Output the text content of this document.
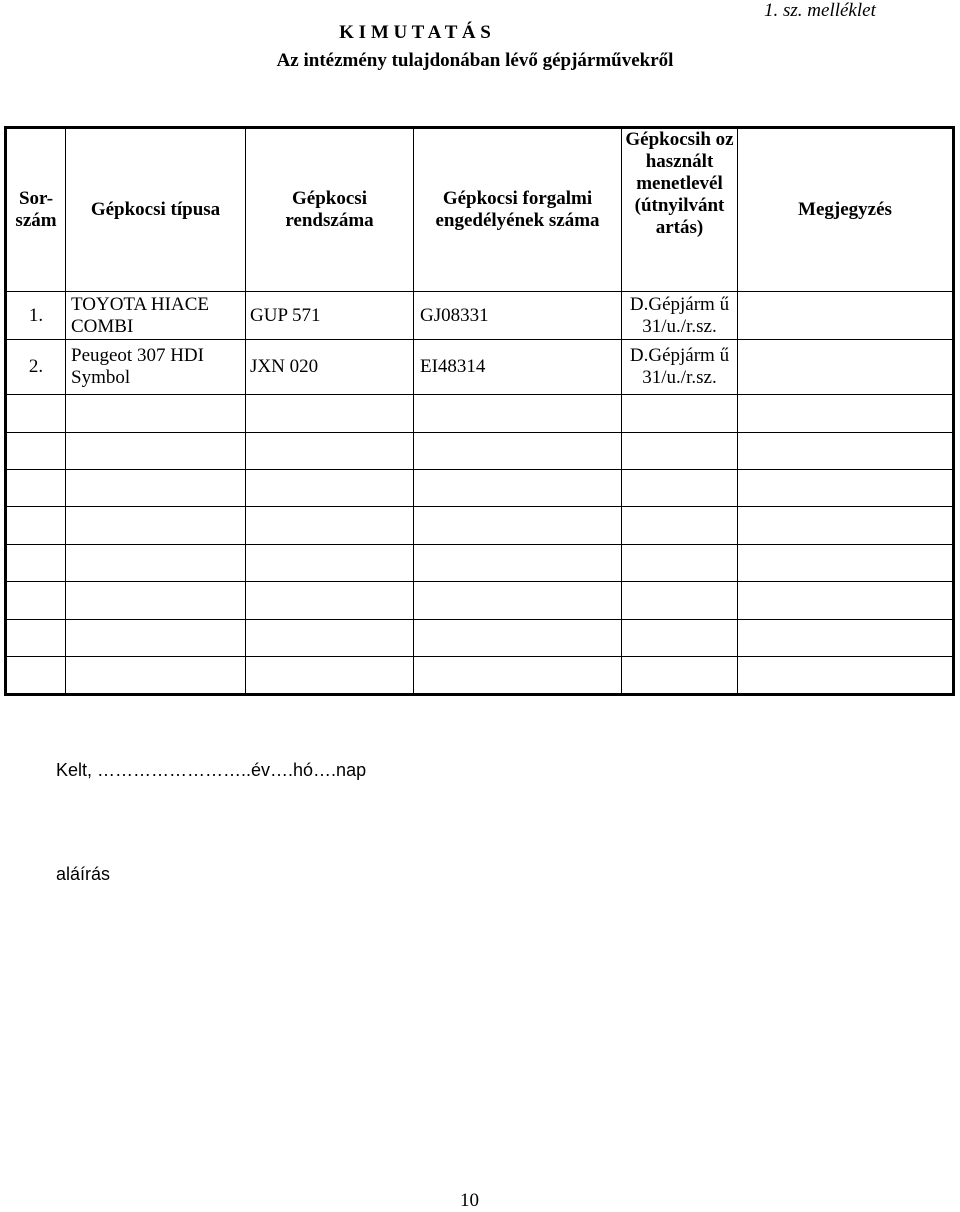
1. sz. melléklet
K I M U T A T Á S
Az intézmény tulajdonában lévő gépjárművekről
Sor-szám	Gépkocsi típusa	Gépkocsi rendszáma	Gépkocsi forgalmi engedélyének száma	Gépkocsih oz használt menetlevél (útnyilvánt artás)	Megjegyzés
1.	TOYOTA HIACE COMBI	GUP 571	GJ08331	D.Gépjárm ű 31/u./r.sz.	
2.	Peugeot 307 HDI Symbol	JXN 020	EI48314	D.Gépjárm ű 31/u./r.sz.	

Kelt, ……………………..év….hó….nap
aláírás
10
